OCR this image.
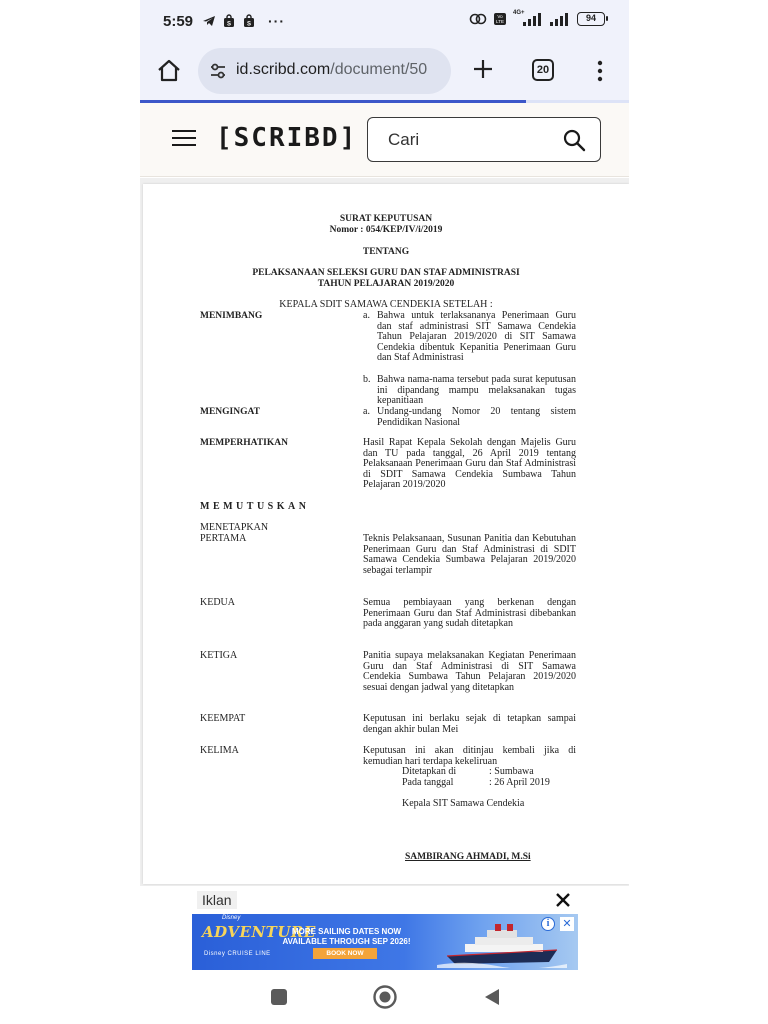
5:59	S	S ···	Vo
LTE
4G+	94
id.scribd.com/document/50	20
[SCRIBD] Cari
SURAT KEPUTUSAN
Nomor : 054/KEP/IV/i/2019
TENTANG
PELAKSANAAN SELEKSI GURU DAN STAF ADMINISTRASI
TAHUN PELAJARAN 2019/2020
KEPALA SDIT SAMAWA CENDEKIA SETELAH :
MENIMBANG	a. Bahwa untuk terlaksananya Penerimaan Guru dan staf administrasi SIT Samawa Cendekia Tahun Pelajaran 2019/2020 di SIT Samawa Cendekia dibentuk Kepanitia Penerimaan Guru dan Staf Administrasi
b. Bahwa nama-nama tersebut pada surat keputusan ini dipandang mampu melaksanakan tugas kepanitiaan
MENGINGAT	a. Undang-undang Nomor 20 tentang sistem Pendidikan Nasional
MEMPERHATIKAN	Hasil Rapat Kepala Sekolah dengan Majelis Guru dan TU pada tanggal, 26 April 2019 tentang Pelaksanaan Penerimaan Guru dan Staf Administrasi di SDIT Samawa Cendekia Sumbawa Tahun Pelajaran 2019/2020
MEMUTUSKAN
MENETAPKAN
PERTAMA	Teknis Pelaksanaan, Susunan Panitia dan Kebutuhan Penerimaan Guru dan Staf Administrasi di SDIT Samawa Cendekia Sumbawa Pelajaran 2019/2020 sebagai terlampir
KEDUA	Semua pembiayaan yang berkenan dengan Penerimaan Guru dan Staf Administrasi dibebankan pada anggaran yang sudah ditetapkan
KETIGA	Panitia supaya melaksanakan Kegiatan Penerimaan Guru dan Staf Administrasi di SIT Samawa Cendekia Sumbawa Tahun Pelajaran 2019/2020 sesuai dengan jadwal yang ditetapkan
KEEMPAT	Keputusan ini berlaku sejak di tetapkan sampai dengan akhir bulan Mei
KELIMA	Keputusan ini akan ditinjau kembali jika di kemudian hari terdapa kekeliruan
Ditetapkan di	: Sumbawa
Pada tanggal	: 26 April 2019
Kepala SIT Samawa Cendekia
SAMBIRANG AHMADI, M.Si
Iklan
Disney
ADVENTURE
Disney CRUISE LINE
MORE SAILING DATES NOW AVAILABLE THROUGH SEP 2026!
BOOK NOW
i	✕
